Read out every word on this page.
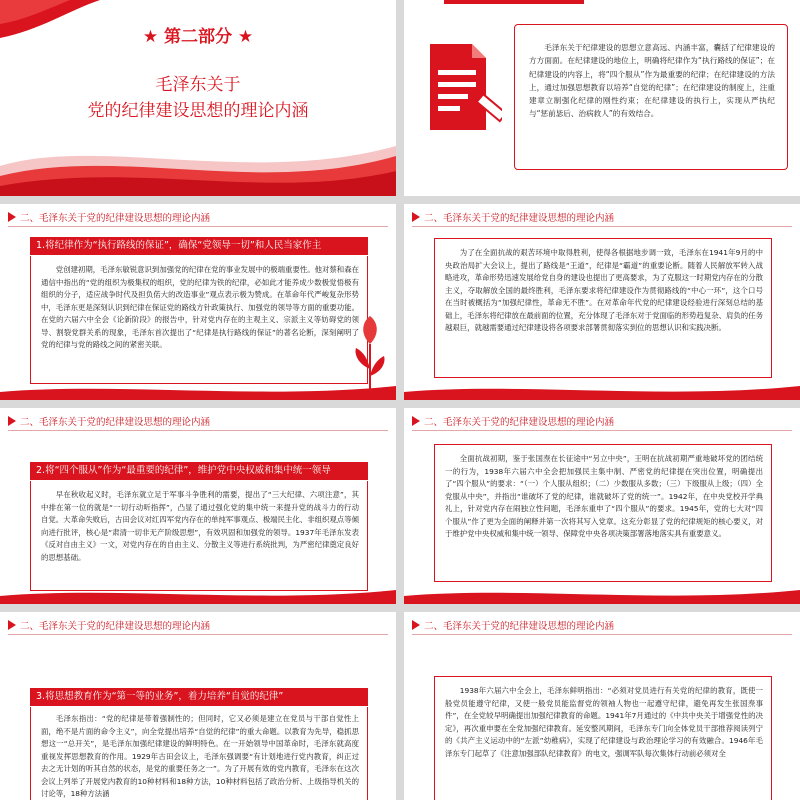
★ 第二部分 ★
毛泽东关于
党的纪律建设思想的理论内涵
毛泽东关于纪律建设的思想立意高远、内涵丰富，囊括了纪律建设的方方面面。在纪律建设的地位上，明确将纪律作为“执行路线的保证”；在纪律建设的内容上，将“四个服从”作为最重要的纪律；在纪律建设的方法上，通过加强思想教育以培养“自觉的纪律”；在纪律建设的制度上，注重建章立制强化纪律的刚性约束；在纪律建设的执行上，实现从严执纪与“惩前毖后、治病救人”的有效结合。
二、毛泽东关于党的纪律建设思想的理论内涵
1.将纪律作为“执行路线的保证”，确保“党领导一切”和人民当家作主
党创建初期，毛泽东敏锐意识到加强党的纪律在党的事业发展中的极端重要性。他对蔡和森在通信中指出的“党的组织为极集权的组织，党的纪律为铁的纪律，必如此才能养成少数极觉悟极有组织的分子，适应战争时代及担负偌大的改造事业”观点表示极为赞成。在革命年代严峻复杂形势中，毛泽东更是深刻认识到纪律在保证党的路线方针政策执行、加强党的领导等方面的重要功能。在党的六届六中全会《论新阶段》的报告中，针对党内存在的主观主义、宗派主义等妨碍党的领导、割裂党群关系的现象，毛泽东首次提出了“纪律是执行路线的保证”的著名论断，深刻阐明了党的纪律与党的路线之间的紧密关联。
二、毛泽东关于党的纪律建设思想的理论内涵
为了在全面抗战的艰苦环境中取得胜利，使得各根据地步调一致，毛泽东在1941年9月的中央政治局扩大会议上，提出了路线是“王道”，纪律是“霸道”的重要论断。随着人民解放军转入战略进攻，革命形势迅速发展给党自身的建设也提出了更高要求，为了克服这一时期党内存在的分散主义，夺取解放全国的最终胜利，毛泽东要求将纪律建设作为贯彻路线的“中心一环”，这个口号在当时被概括为“加强纪律性，革命无不胜”。在对革命年代党的纪律建设经验进行深刻总结的基础上，毛泽东将纪律放在最前面的位置，充分体现了毛泽东对于党面临的形势趋复杂、肩负的任务越艰巨，就越需要通过纪律建设将各项要求部署贯彻落实到位的思想认识和实践决断。
二、毛泽东关于党的纪律建设思想的理论内涵
2.将“四个服从”作为“最重要的纪律”，维护党中央权威和集中统一领导
早在秋收起义时，毛泽东就立足于军事斗争胜利的需要，提出了“三大纪律、六项注意”，其中排在第一位的就是“一切行动听指挥”，凸显了通过强化党的集中统一来提升党的战斗力的行动自觉。大革命失败后，古田会议对红四军党内存在的单纯军事观点、极端民主化、非组织观点等倾向进行批评，核心是“肃清一切非无产阶级思想”，有效巩固和加强党的领导。1937年毛泽东发表《反对自由主义》一文，对党内存在的自由主义、分散主义等进行系统批判，为严密纪律奠定良好的思想基础。
二、毛泽东关于党的纪律建设思想的理论内涵
全面抗战初期，鉴于张国焘在长征途中“另立中央”，王明在抗战初期严重地破坏党的团结统一的行为，1938年六届六中全会把加强民主集中制、严密党的纪律提在突出位置，明确提出了“四个服从”的要求：“（一）个人服从组织；（二）少数服从多数；（三）下级服从上级；（四）全党服从中央”，并指出“谁破坏了党的纪律，谁就破坏了党的统一”。1942年，在中央党校开学典礼上，针对党内存在闹独立性问题，毛泽东重申了“四个服从”的要求。1945年，党的七大对“四个服从”作了更为全面的阐释并第一次将其写入党章。这充分彰显了党的纪律规矩的核心要义，对于维护党中央权威和集中统一领导、保障党中央各项决策部署落地落实具有重要意义。
二、毛泽东关于党的纪律建设思想的理论内涵
3.将思想教育作为“第一等的业务”，着力培养“自觉的纪律”
毛泽东指出：“党的纪律是带着强制性的；但同时，它又必须是建立在党员与干部自觉性上面，绝不是片面的命令主义”，向全党提出培养“自觉的纪律”的重大命题。以教育为先导，稳抓思想这一“总开关”，是毛泽东加强纪律建设的鲜明特色。在一开始领导中国革命时，毛泽东就高度重视发挥思想教育的作用。1929年古田会议上，毛泽东强调要“有计划地进行党内教育，纠正过去之无计划的听其自然的状态，是党的重要任务之一”。为了开展有效的党内教育，毛泽东在这次会议上列举了开展党内教育的10种材料和18种方法，10种材料包括了政治分析、上级指导机关的讨论等，18种方法涵
二、毛泽东关于党的纪律建设思想的理论内涵
1938年六届六中全会上，毛泽东鲜明指出：“必须对党员进行有关党的纪律的教育，既使一般党员能遵守纪律，又使一般党员能监督党的领袖人物也一起遵守纪律，避免再发生张国焘事件”，在全党较早明确提出加强纪律教育的命题。1941年7月通过的《中共中央关于增强党性的决定》，再次重申要在全党加强纪律教育。延安整风期间，毛泽东专门向全体党员干部推荐阅读列宁的《共产主义运动中的“左派”幼稚病》，实现了纪律建设与政治理论学习的有效融合。1946年毛泽东专门起草了《注意加强部队纪律教育》的电文，强调军队每次集体行动前必须对全
